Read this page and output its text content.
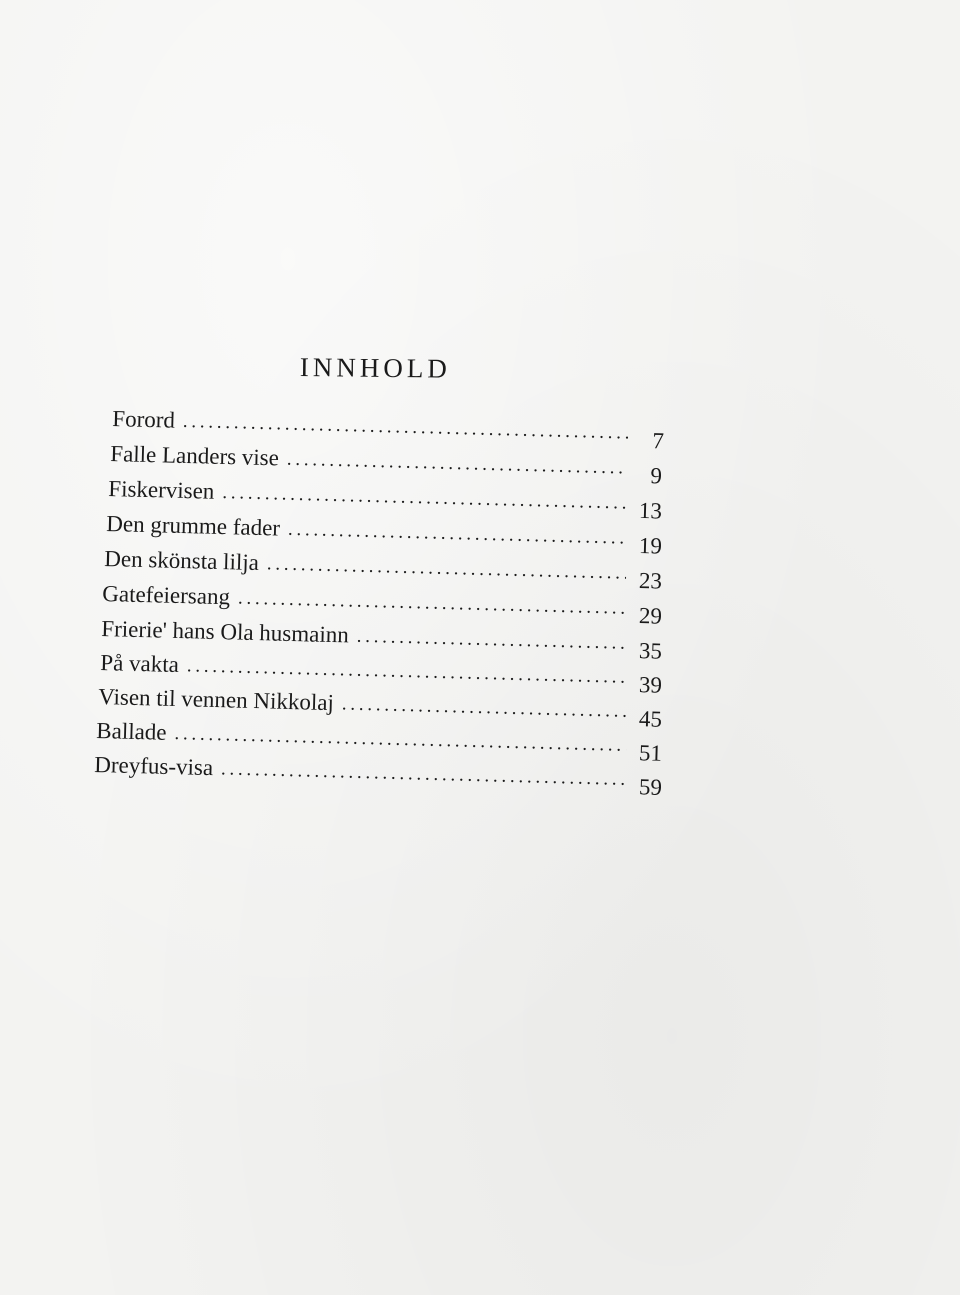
INNHOLD
Forord
. . .
7
Falle Landers vise
. . .
9
Fiskervisen
. . .
13
Den grumme fader
. . .
19
Den skönsta lilja
. . .
23
Gatefeiersang
. . .
29
Frierie' hans Ola husmainn
. . .
35
På vakta
. . .
39
Visen til vennen Nikkolaj
. . .
45
Ballade
. . .
51
Dreyfus-visa
. . .
59
